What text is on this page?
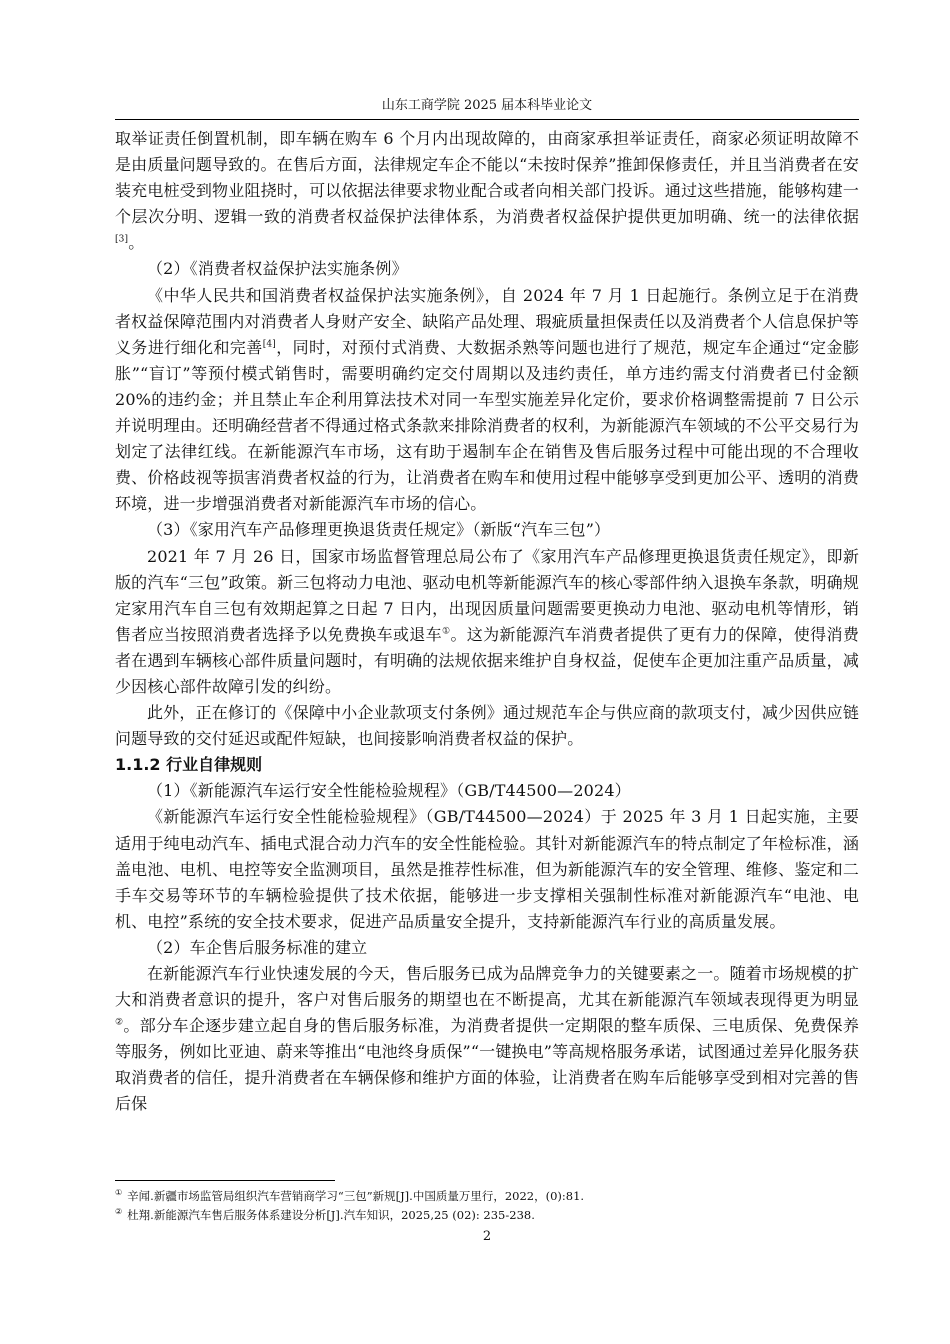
山东工商学院 2025 届本科毕业论文

取举证责任倒置机制，即车辆在购车 6 个月内出现故障的，由商家承担举证责任，商家必须证明故障不是由质量问题导致的。在售后方面，法律规定车企不能以“未按时保养”推卸保修责任，并且当消费者在安装充电桩受到物业阻挠时，可以依据法律要求物业配合或者向相关部门投诉。通过这些措施，能够构建一个层次分明、逻辑一致的消费者权益保护法律体系，为消费者权益保护提供更加明确、统一的法律依据[3]。

（2）《消费者权益保护法实施条例》

《中华人民共和国消费者权益保护法实施条例》，自 2024 年 7 月 1 日起施行。条例立足于在消费者权益保障范围内对消费者人身财产安全、缺陷产品处理、瑕疵质量担保责任以及消费者个人信息保护等义务进行细化和完善[4]，同时，对预付式消费、大数据杀熟等问题也进行了规范，规定车企通过“定金膨胀”“盲订”等预付模式销售时，需要明确约定交付周期以及违约责任，单方违约需支付消费者已付金额 20%的违约金；并且禁止车企利用算法技术对同一车型实施差异化定价，要求价格调整需提前 7 日公示并说明理由。还明确经营者不得通过格式条款来排除消费者的权利，为新能源汽车领域的不公平交易行为划定了法律红线。在新能源汽车市场，这有助于遏制车企在销售及售后服务过程中可能出现的不合理收费、价格歧视等损害消费者权益的行为，让消费者在购车和使用过程中能够享受到更加公平、透明的消费环境，进一步增强消费者对新能源汽车市场的信心。

（3）《家用汽车产品修理更换退货责任规定》（新版“汽车三包”）

2021 年 7 月 26 日，国家市场监督管理总局公布了《家用汽车产品修理更换退货责任规定》，即新版的汽车“三包”政策。新三包将动力电池、驱动电机等新能源汽车的核心零部件纳入退换车条款，明确规定家用汽车自三包有效期起算之日起 7 日内，出现因质量问题需要更换动力电池、驱动电机等情形，销售者应当按照消费者选择予以免费换车或退车①。这为新能源汽车消费者提供了更有力的保障，使得消费者在遇到车辆核心部件质量问题时，有明确的法规依据来维护自身权益，促使车企更加注重产品质量，减少因核心部件故障引发的纠纷。

此外，正在修订的《保障中小企业款项支付条例》通过规范车企与供应商的款项支付，减少因供应链问题导致的交付延迟或配件短缺，也间接影响消费者权益的保护。

1.1.2 行业自律规则

（1）《新能源汽车运行安全性能检验规程》（GB/T44500—2024）

《新能源汽车运行安全性能检验规程》（GB/T44500—2024）于 2025 年 3 月 1 日起实施，主要适用于纯电动汽车、插电式混合动力汽车的安全性能检验。其针对新能源汽车的特点制定了年检标准，涵盖电池、电机、电控等安全监测项目，虽然是推荐性标准，但为新能源汽车的安全管理、维修、鉴定和二手车交易等环节的车辆检验提供了技术依据，能够进一步支撑相关强制性标准对新能源汽车“电池、电机、电控”系统的安全技术要求，促进产品质量安全提升，支持新能源汽车行业的高质量发展。

（2）车企售后服务标准的建立

在新能源汽车行业快速发展的今天，售后服务已成为品牌竞争力的关键要素之一。随着市场规模的扩大和消费者意识的提升，客户对售后服务的期望也在不断提高，尤其在新能源汽车领域表现得更为明显②。部分车企逐步建立起自身的售后服务标准，为消费者提供一定期限的整车质保、三电质保、免费保养等服务，例如比亚迪、蔚来等推出“电池终身质保”“一键换电”等高规格服务承诺，试图通过差异化服务获取消费者的信任，提升消费者在车辆保修和维护方面的体验，让消费者在购车后能够享受到相对完善的售后保

① 辛闻.新疆市场监管局组织汽车营销商学习“三包”新规[J].中国质量万里行，2022，(0):81.
② 杜翔.新能源汽车售后服务体系建设分析[J].汽车知识，2025,25 (02): 235-238.
2
